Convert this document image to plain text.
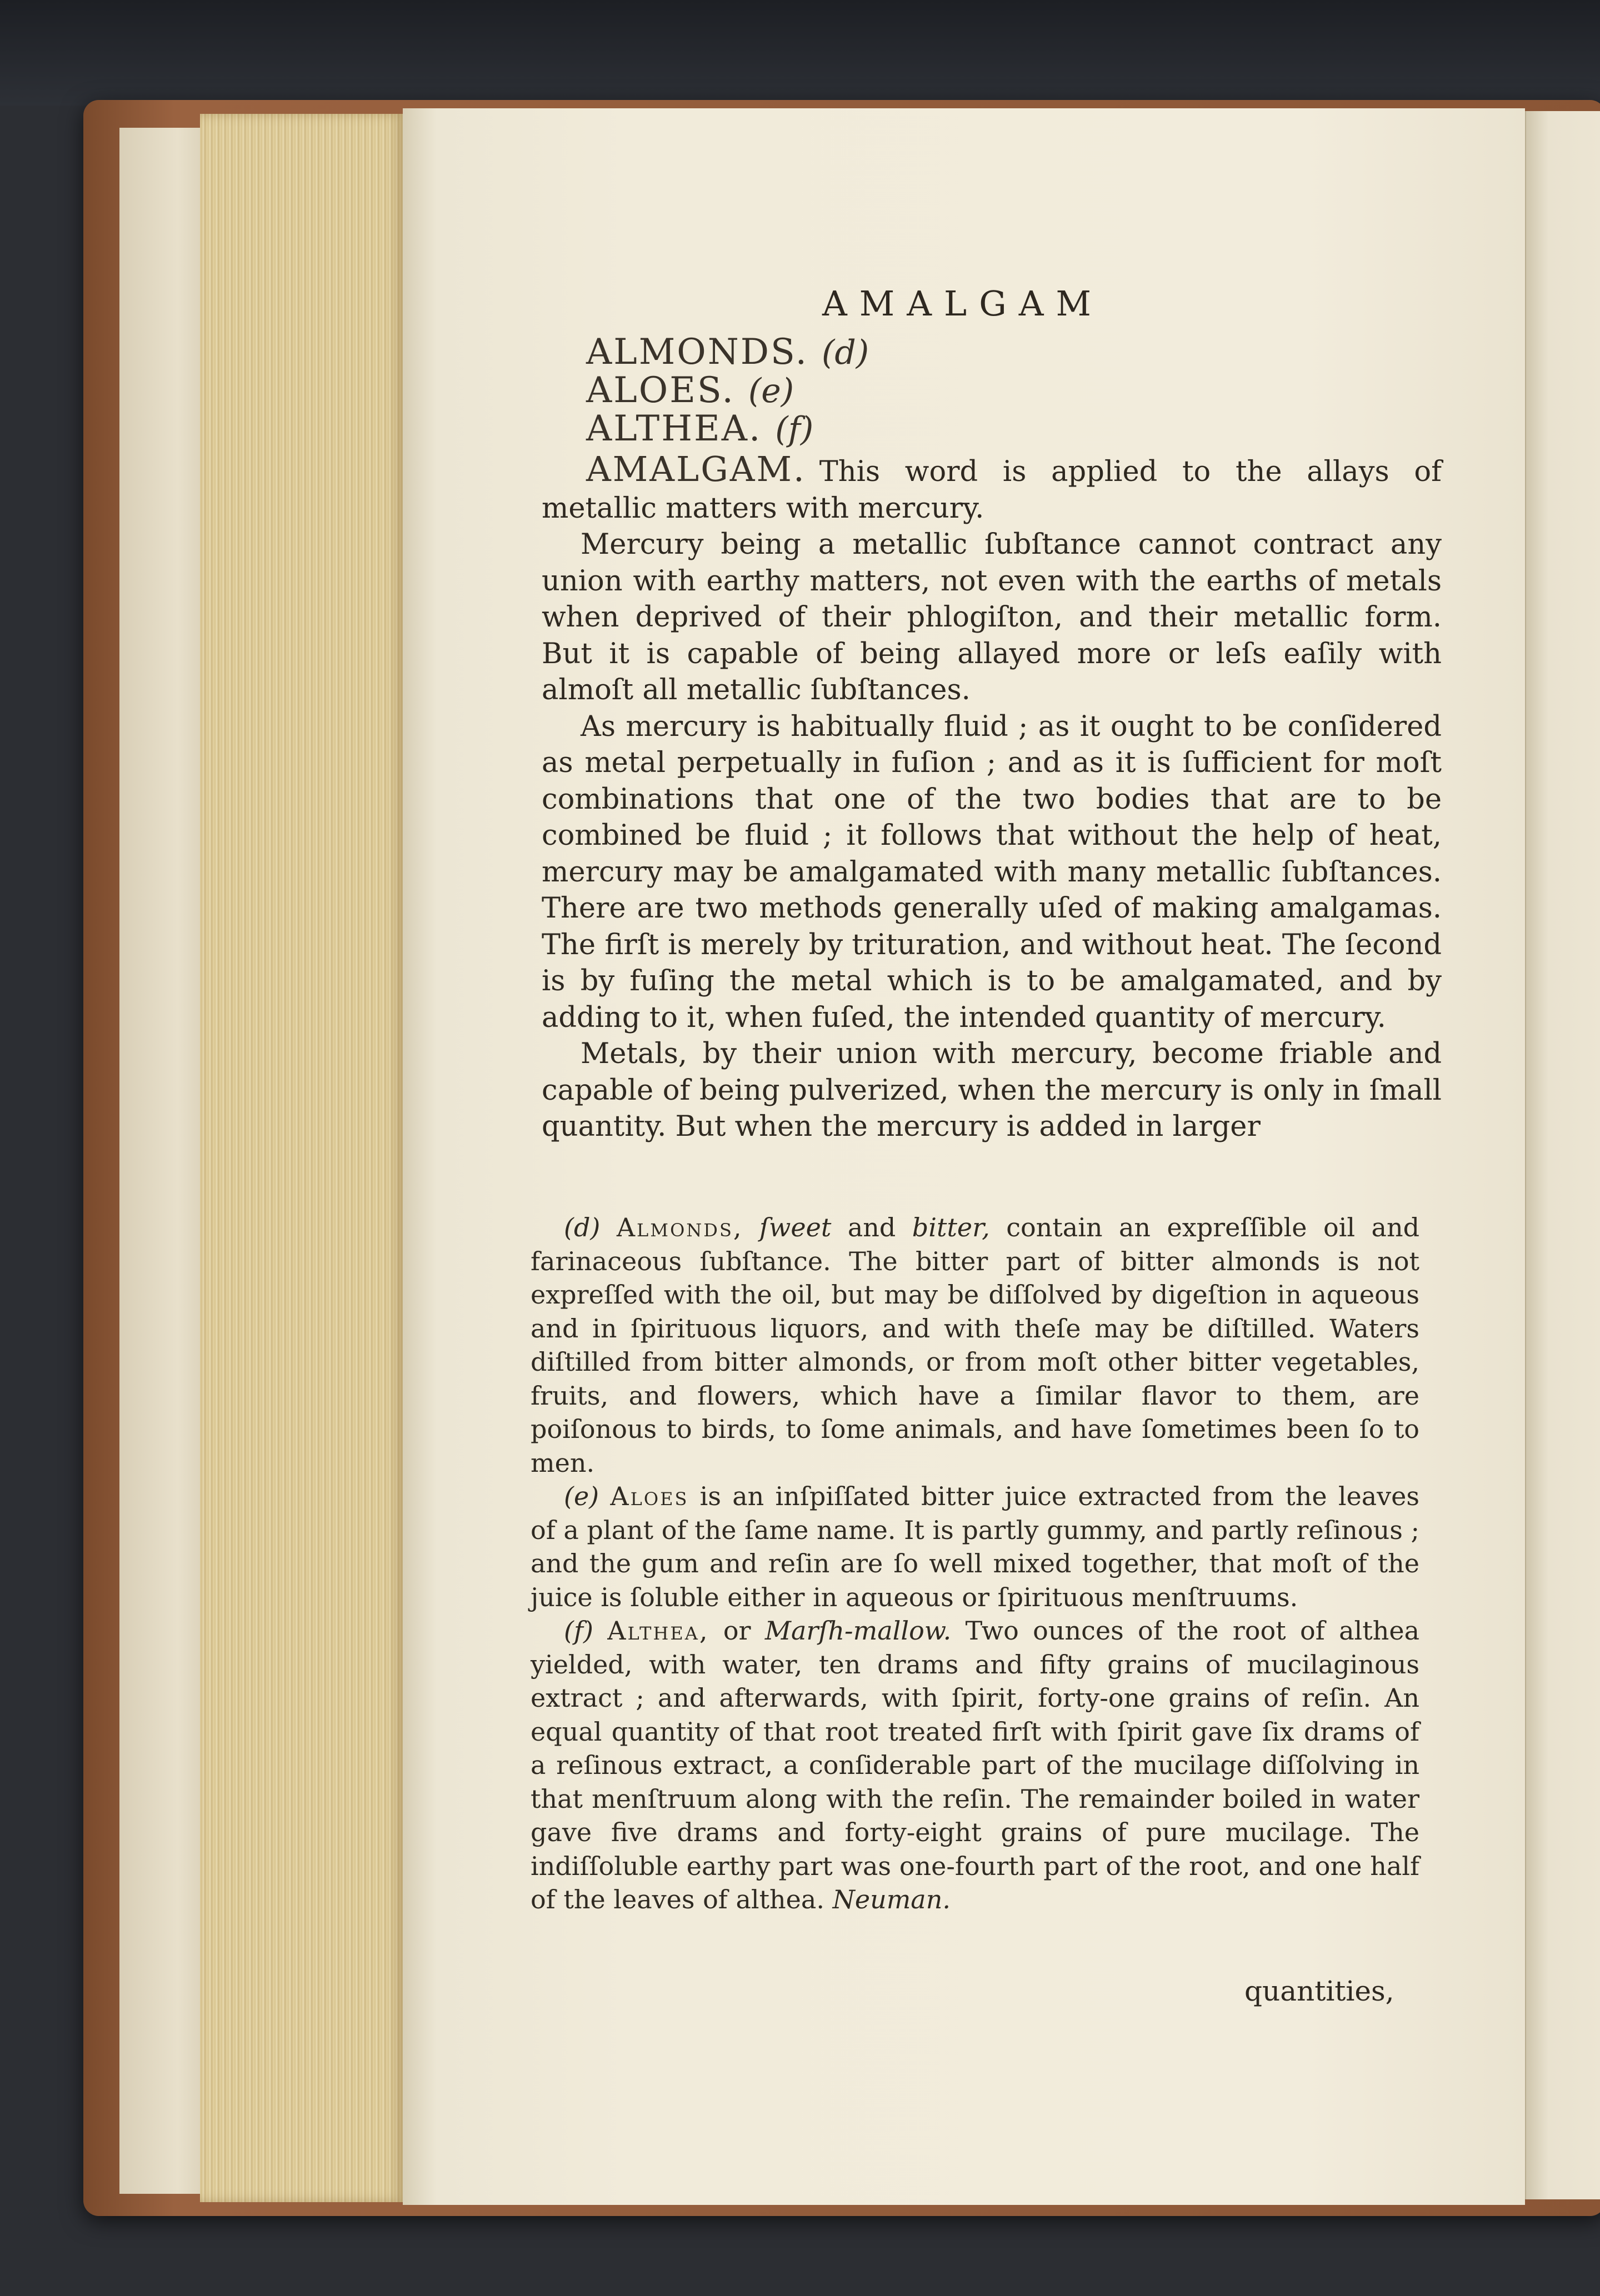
AMALGAM
ALMONDS. (d)
ALOES. (e)
ALTHEA. (f)

AMALGAM. This word is applied to the allays of metallic matters with mercury.

Mercury being a metallic ſubſtance cannot contract any union with earthy matters, not even with the earths of metals when deprived of their phlogiſton, and their metallic form. But it is capable of being allayed more or leſs eaſily with almoſt all metallic ſubſtances.

As mercury is habitually fluid ; as it ought to be conſidered as metal perpetually in fuſion ; and as it is ſufficient for moſt combinations that one of the two bodies that are to be combined be fluid ; it follows that without the help of heat, mercury may be amalgamated with many metallic ſubſtances. There are two methods generally uſed of making amalgamas. The firſt is merely by trituration, and without heat. The ſecond is by fuſing the metal which is to be amalgamated, and by adding to it, when fuſed, the intended quantity of mercury.

Metals, by their union with mercury, become friable and capable of being pulverized, when the mercury is only in ſmall quantity. But when the mercury is added in larger

(d) Almonds, ſweet and bitter, contain an expreſſible oil and farinaceous ſubſtance. The bitter part of bitter almonds is not expreſſed with the oil, but may be diſſolved by digeſtion in aqueous and in ſpirituous liquors, and with theſe may be diſtilled. Waters diſtilled from bitter almonds, or from moſt other bitter vegetables, fruits, and flowers, which have a ſimilar flavor to them, are poiſonous to birds, to ſome animals, and have ſometimes been ſo to men.

(e) Aloes is an inſpiſſated bitter juice extracted from the leaves of a plant of the ſame name. It is partly gummy, and partly reſinous ; and the gum and reſin are ſo well mixed together, that moſt of the juice is ſoluble either in aqueous or ſpirituous menſtruums.

(f) Althea, or Marſh-mallow. Two ounces of the root of althea yielded, with water, ten drams and fifty grains of mucilaginous extract ; and afterwards, with ſpirit, forty-one grains of reſin. An equal quantity of that root treated firſt with ſpirit gave ſix drams of a reſinous extract, a conſiderable part of the mucilage diſſolving in that menſtruum along with the reſin. The remainder boiled in water gave five drams and forty-eight grains of pure mucilage. The indiſſoluble earthy part was one-fourth part of the root, and one half of the leaves of althea. Neuman.

quantities,
